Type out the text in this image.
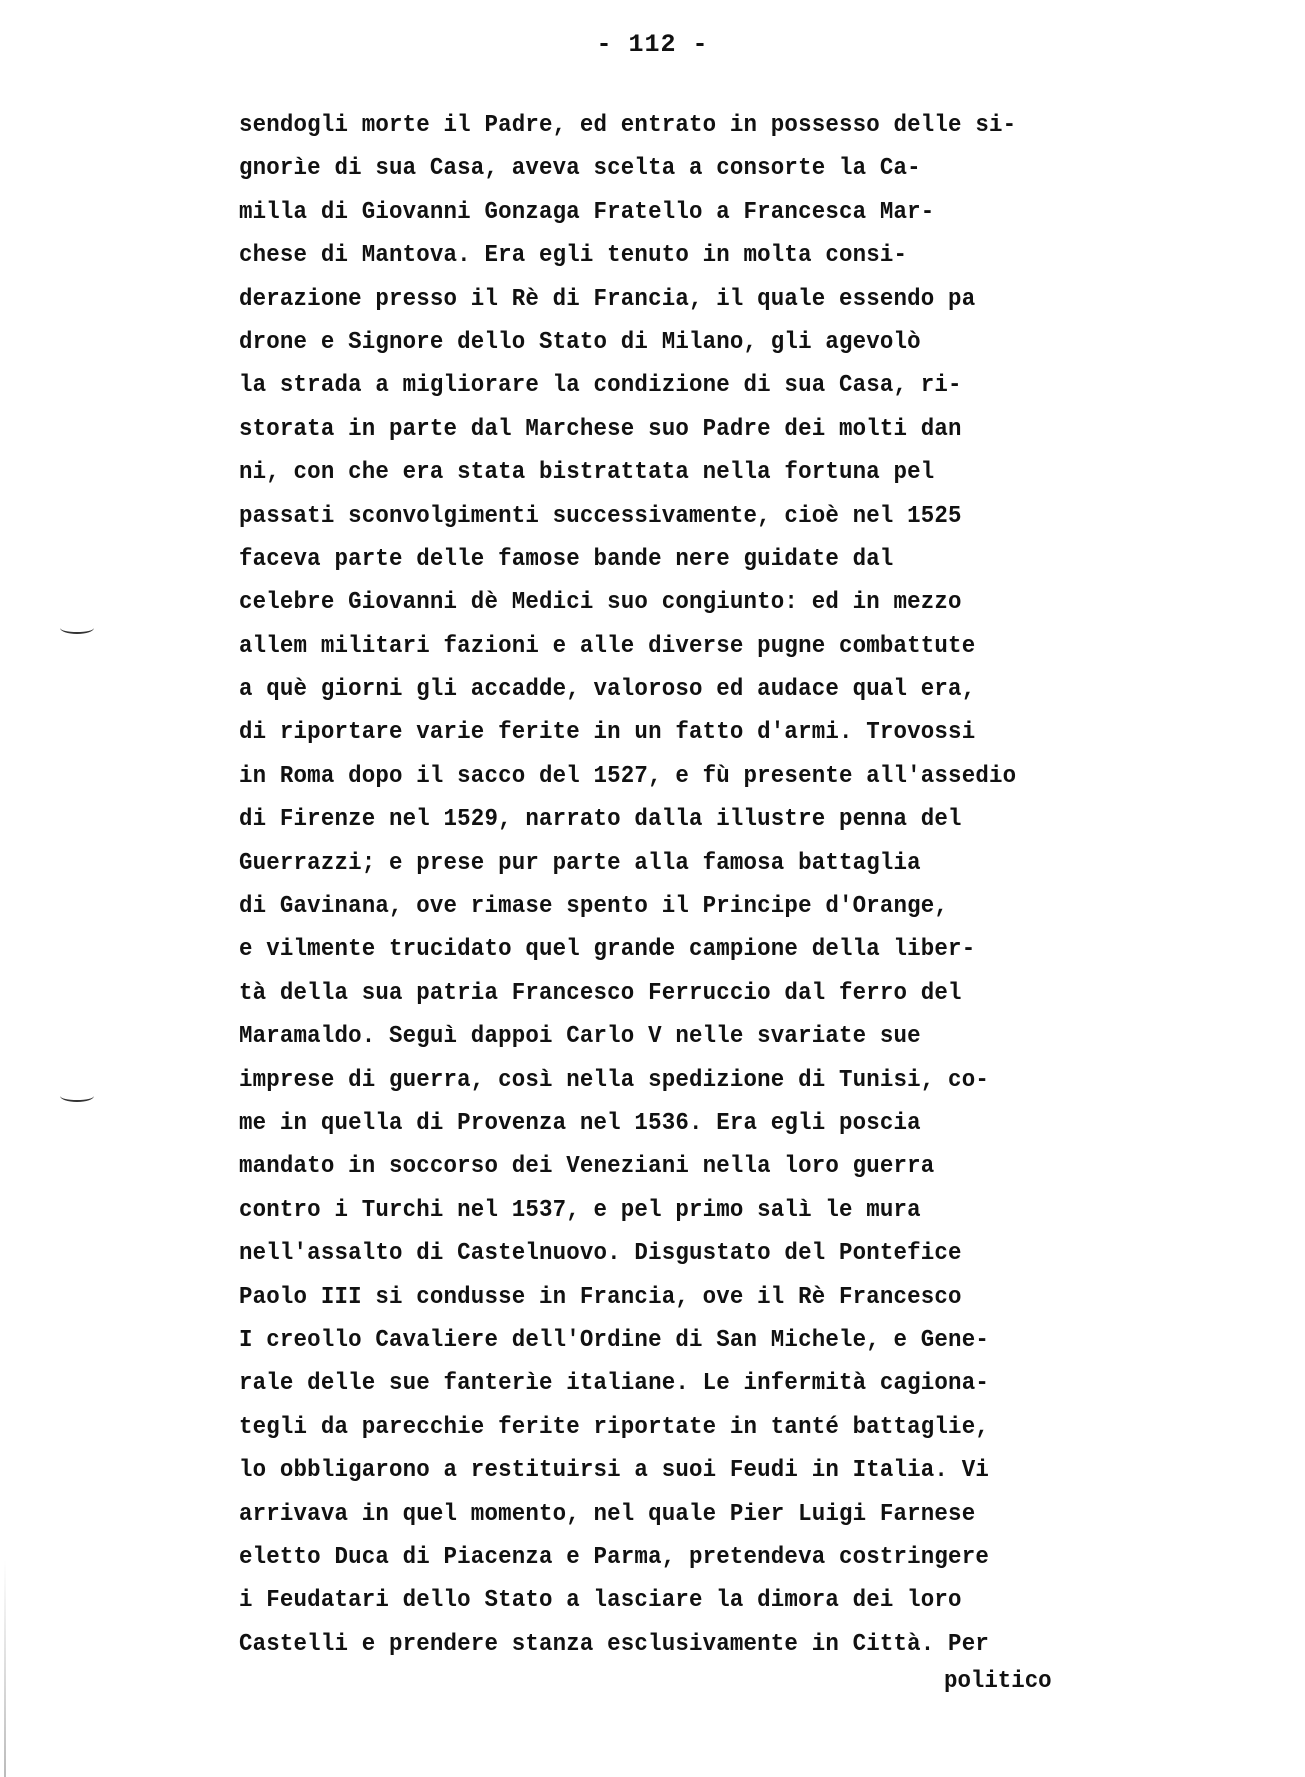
- 112 -
sendogli morte il Padre, ed entrato in possesso delle si-
gnorìe di sua Casa, aveva scelta a consorte la Ca-
milla di Giovanni Gonzaga Fratello a Francesca Mar-
chese di Mantova. Era egli tenuto in molta consi-
derazione presso il Rè di Francia, il quale essendo pa
drone e Signore dello Stato di Milano, gli agevolò
la strada a migliorare la condizione di sua Casa, ri-
storata in parte dal Marchese suo Padre dei molti dan
ni, con che era stata bistrattata nella fortuna pel
passati sconvolgimenti successivamente, cioè nel 1525
faceva parte delle famose bande nere guidate dal
celebre Giovanni dè Medici suo congiunto: ed in mezzo
allem militari fazioni e alle diverse pugne combattute
a què giorni gli accadde, valoroso ed audace qual era,
di riportare varie ferite in un fatto d'armi. Trovossi
in Roma dopo il sacco del 1527, e fù presente all'assedio
di Firenze nel 1529, narrato dalla illustre penna del
Guerrazzi; e prese pur parte alla famosa battaglia
di Gavinana, ove rimase spento il Principe d'Orange,
e vilmente trucidato quel grande campione della liber-
tà della sua patria Francesco Ferruccio dal ferro del
Maramaldo. Seguì dappoi Carlo V nelle svariate sue
imprese di guerra, così nella spedizione di Tunisi, co-
me in quella di Provenza nel 1536. Era egli poscia
mandato in soccorso dei Veneziani nella loro guerra
contro i Turchi nel 1537, e pel primo salì le mura
nell'assalto di Castelnuovo. Disgustato del Pontefice
Paolo III si condusse in Francia, ove il Rè Francesco
I creollo Cavaliere dell'Ordine di San Michele, e Gene-
rale delle sue fanterìe italiane. Le infermità cagiona-
tegli da parecchie ferite riportate in tanté battaglie,
lo obbligarono a restituirsi a suoi Feudi in Italia. Vi
arrivava in quel momento, nel quale Pier Luigi Farnese
eletto Duca di Piacenza e Parma, pretendeva costringere
i Feudatari dello Stato a lasciare la dimora dei loro
Castelli e prendere stanza esclusivamente in Città. Per
politico
